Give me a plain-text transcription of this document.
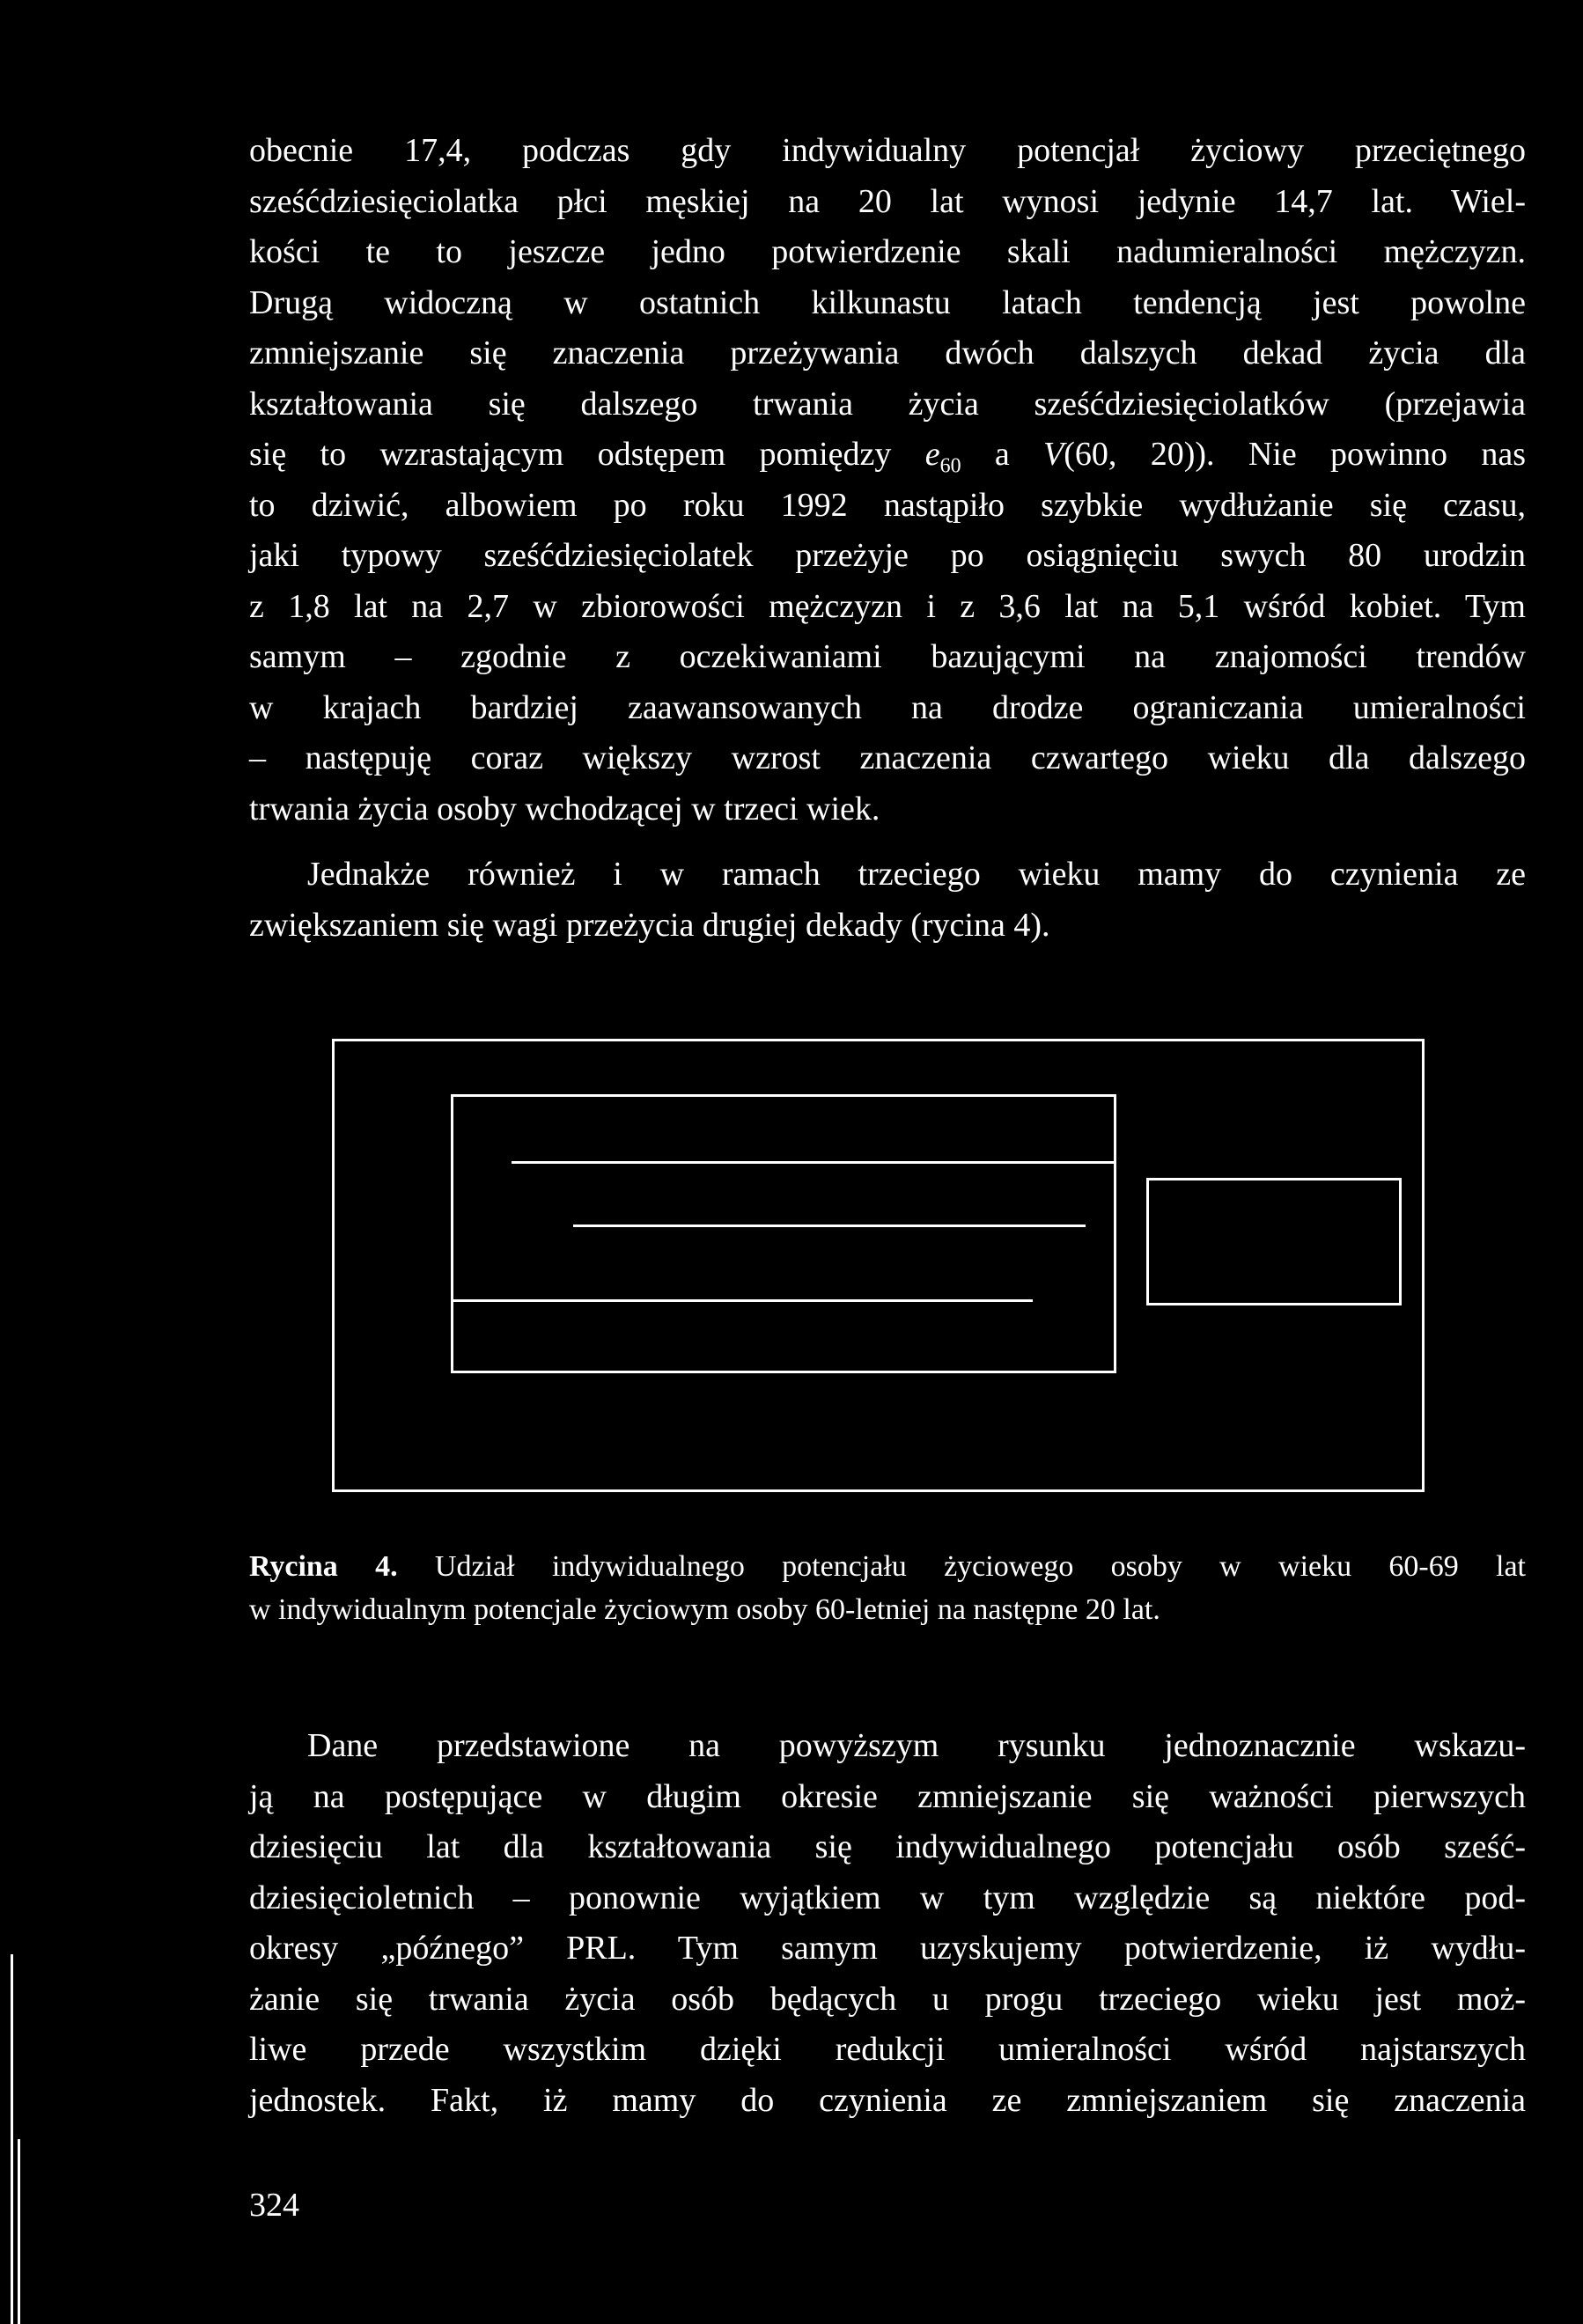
obecnie 17,4, podczas gdy indywidualny potencjał życiowy przeciętnego
sześćdziesięciolatka płci męskiej na 20 lat wynosi jedynie 14,7 lat. Wiel-
kości te to jeszcze jedno potwierdzenie skali nadumieralności mężczyzn.
Drugą widoczną w ostatnich kilkunastu latach tendencją jest powolne
zmniejszanie się znaczenia przeżywania dwóch dalszych dekad życia dla
kształtowania się dalszego trwania życia sześćdziesięciolatków (przejawia
się to wzrastającym odstępem pomiędzy $e_{60}$ a V(60, 20)). Nie powinno nas
to dziwić, albowiem po roku 1992 nastąpiło szybkie wydłużanie się czasu,
jaki typowy sześćdziesięciolatek przeżyje po osiągnięciu swych 80 urodzin
z 1,8 lat na 2,7 w zbiorowości mężczyzn i z 3,6 lat na 5,1 wśród kobiet. Tym
samym – zgodnie z oczekiwaniami bazującymi na znajomości trendów
w krajach bardziej zaawansowanych na drodze ograniczania umieralności
– następuję coraz większy wzrost znaczenia czwartego wieku dla dalszego
trwania życia osoby wchodzącej w trzeci wiek.
Jednakże również i w ramach trzeciego wieku mamy do czynienia ze
zwiększaniem się wagi przeżycia drugiej dekady (rycina 4).
Rycina 4. Udział indywidualnego potencjału życiowego osoby w wieku 60-69 lat
w indywidualnym potencjale życiowym osoby 60-letniej na następne 20 lat.
Dane przedstawione na powyższym rysunku jednoznacznie wskazu-
ją na postępujące w długim okresie zmniejszanie się ważności pierwszych
dziesięciu lat dla kształtowania się indywidualnego potencjału osób sześć-
dziesięcioletnich – ponownie wyjątkiem w tym względzie są niektóre pod-
okresy „późnego” PRL. Tym samym uzyskujemy potwierdzenie, iż wydłu-
żanie się trwania życia osób będących u progu trzeciego wieku jest moż-
liwe przede wszystkim dzięki redukcji umieralności wśród najstarszych
jednostek. Fakt, iż mamy do czynienia ze zmniejszaniem się znaczenia
324
